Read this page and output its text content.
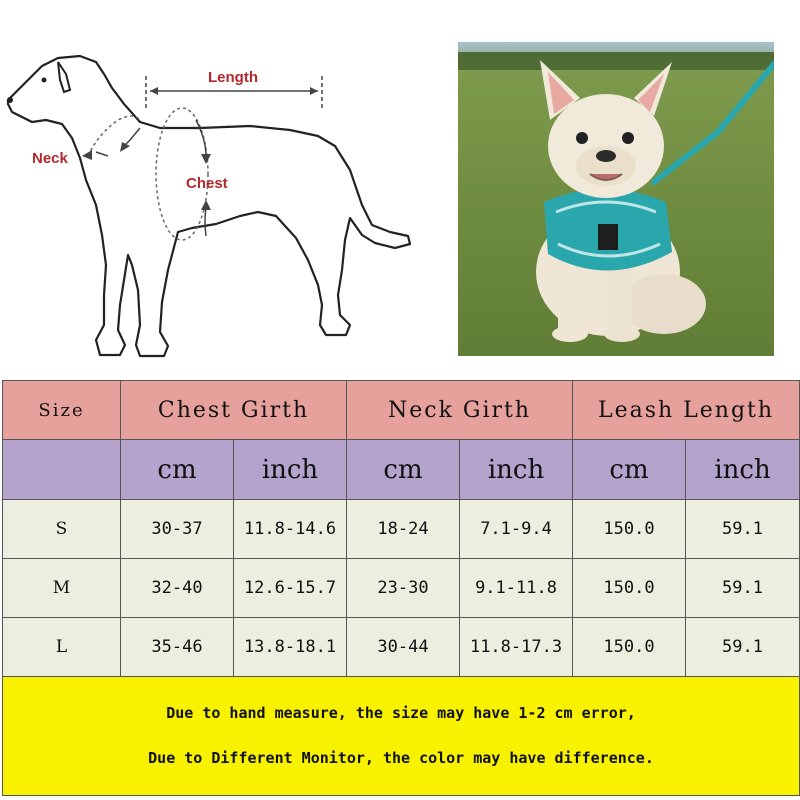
Length
Neck
Chest
Size	Chest Girth		Neck Girth		Leash Length	
	cm	inch	cm	inch	cm	inch
S	30-37	11.8-14.6	18-24	7.1-9.4	150.0	59.1
M	32-40	12.6-15.7	23-30	9.1-11.8	150.0	59.1
L	35-46	13.8-18.1	30-44	11.8-17.3	150.0	59.1

Due to hand measure, the size may have 1-2 cm error,
Due to Different Monitor, the color may have difference.						
